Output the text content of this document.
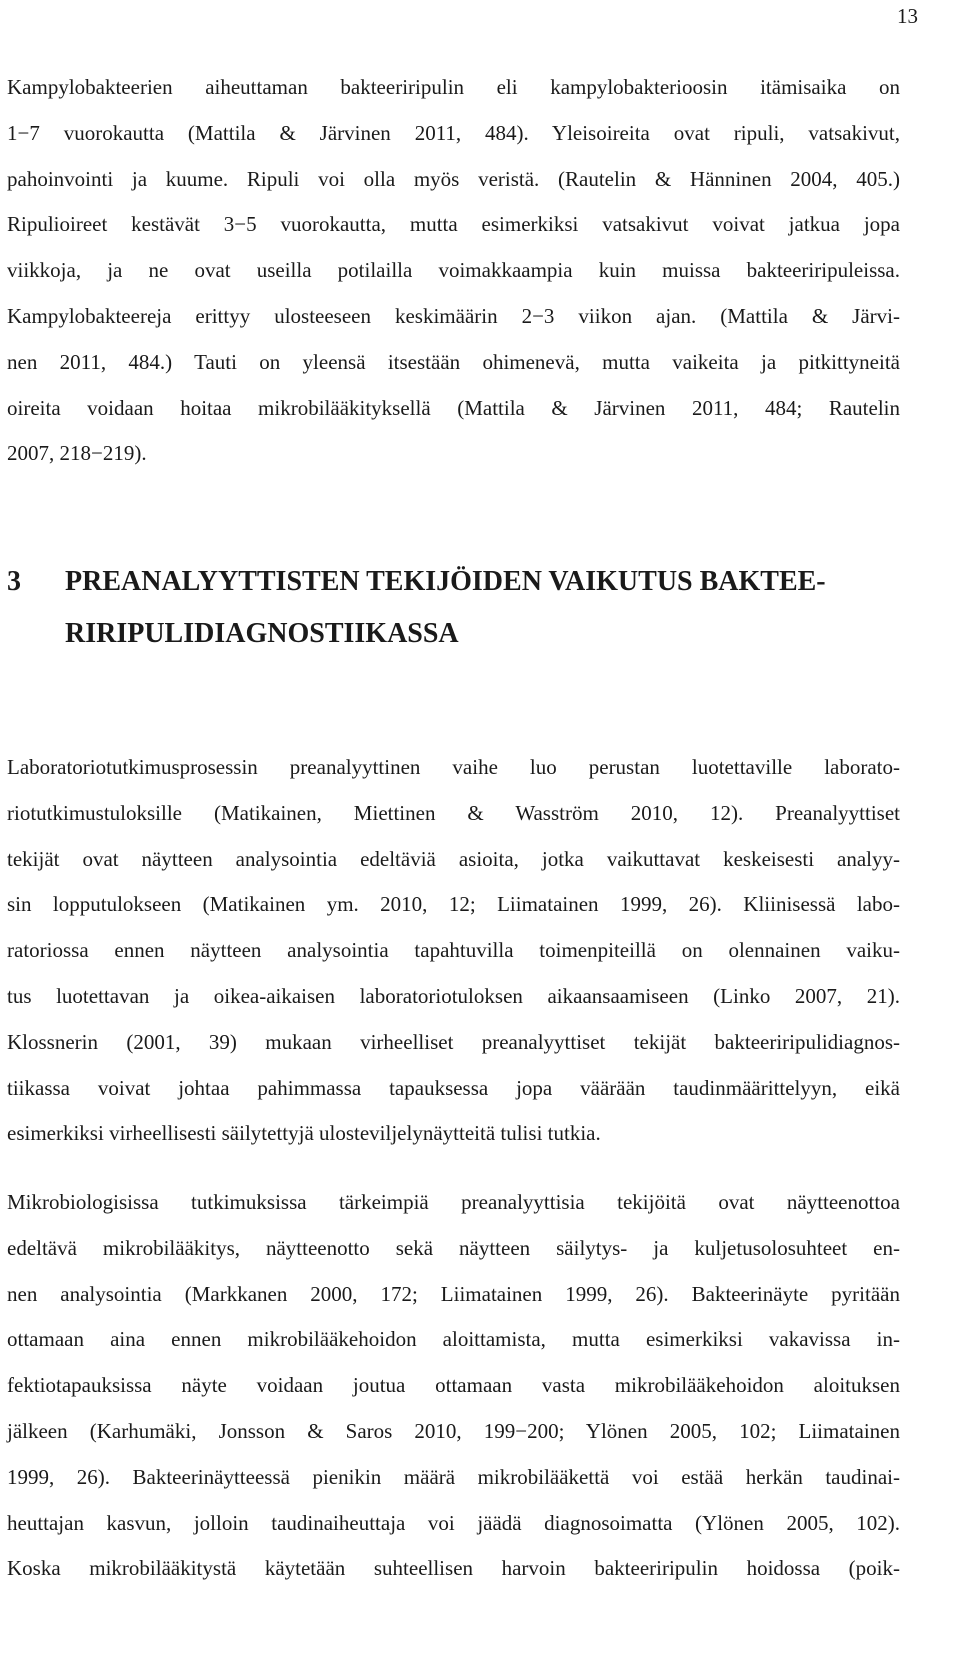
13
Kampylobakteerien aiheuttaman bakteeriripulin eli kampylobakterioosin itämisaika on
1−7 vuorokautta (Mattila & Järvinen 2011, 484). Yleisoireita ovat ripuli, vatsakivut,
pahoinvointi ja kuume. Ripuli voi olla myös veristä. (Rautelin & Hänninen 2004, 405.)
Ripulioireet kestävät 3−5 vuorokautta, mutta esimerkiksi vatsakivut voivat jatkua jopa
viikkoja, ja ne ovat useilla potilailla voimakkaampia kuin muissa bakteeriripuleissa.
Kampylobakteereja erittyy ulosteeseen keskimäärin 2−3 viikon ajan. (Mattila & Järvi-
nen 2011, 484.) Tauti on yleensä itsestään ohimenevä, mutta vaikeita ja pitkittyneitä
oireita voidaan hoitaa mikrobilääkityksellä (Mattila & Järvinen 2011, 484; Rautelin
2007, 218−219).
3 PREANALYYTTISTEN TEKIJÖIDEN VAIKUTUS BAKTEE-
RIRIPULIDIAGNOSTIIKASSA
Laboratoriotutkimusprosessin preanalyyttinen vaihe luo perustan luotettaville laborato-
riotutkimustuloksille (Matikainen, Miettinen & Wasström 2010, 12). Preanalyyttiset
tekijät ovat näytteen analysointia edeltäviä asioita, jotka vaikuttavat keskeisesti analyy-
sin lopputulokseen (Matikainen ym. 2010, 12; Liimatainen 1999, 26). Kliinisessä labo-
ratoriossa ennen näytteen analysointia tapahtuvilla toimenpiteillä on olennainen vaiku-
tus luotettavan ja oikea-aikaisen laboratoriotuloksen aikaansaamiseen (Linko 2007, 21).
Klossnerin (2001, 39) mukaan virheelliset preanalyyttiset tekijät bakteeriripulidiagnos-
tiikassa voivat johtaa pahimmassa tapauksessa jopa väärään taudinmäärittelyyn, eikä
esimerkiksi virheellisesti säilytettyjä ulosteviljelynäytteitä tulisi tutkia.
Mikrobiologisissa tutkimuksissa tärkeimpiä preanalyyttisia tekijöitä ovat näytteenottoa
edeltävä mikrobilääkitys, näytteenotto sekä näytteen säilytys- ja kuljetusolosuhteet en-
nen analysointia (Markkanen 2000, 172; Liimatainen 1999, 26). Bakteerinäyte pyritään
ottamaan aina ennen mikrobilääkehoidon aloittamista, mutta esimerkiksi vakavissa in-
fektiotapauksissa näyte voidaan joutua ottamaan vasta mikrobilääkehoidon aloituksen
jälkeen (Karhumäki, Jonsson & Saros 2010, 199−200; Ylönen 2005, 102; Liimatainen
1999, 26). Bakteerinäytteessä pienikin määrä mikrobilääkettä voi estää herkän taudinai-
heuttajan kasvun, jolloin taudinaiheuttaja voi jäädä diagnosoimatta (Ylönen 2005, 102).
Koska mikrobilääkitystä käytetään suhteellisen harvoin bakteeriripulin hoidossa (poik-
